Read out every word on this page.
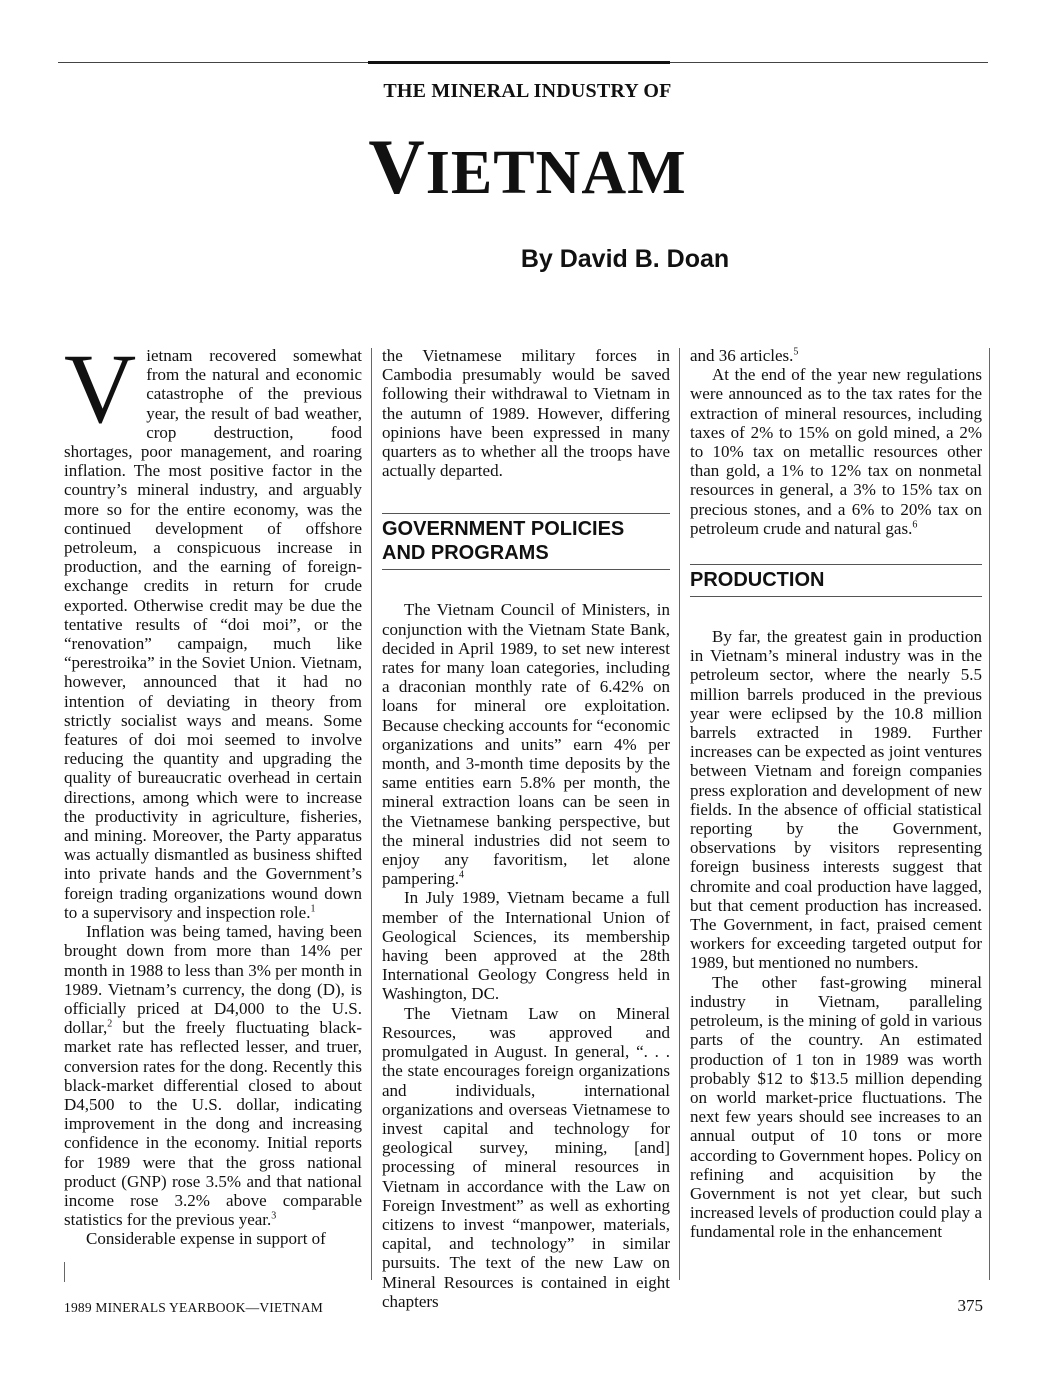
THE MINERAL INDUSTRY OF
VIETNAM
By David B. Doan

Vietnam recovered somewhat from the natural and economic catastrophe of the previous year, the result of bad weather, crop destruction, food shortages, poor management, and roaring inflation. The most positive factor in the country’s mineral industry, and arguably more so for the entire economy, was the continued development of offshore petroleum, a conspicuous increase in production, and the earning of foreign-exchange credits in return for crude exported. Otherwise credit may be due the tentative results of “doi moi”, or the “renovation” campaign, much like “perestroika” in the Soviet Union. Vietnam, however, announced that it had no intention of deviating in theory from strictly socialist ways and means. Some features of doi moi seemed to involve reducing the quantity and upgrading the quality of bureaucratic overhead in certain directions, among which were to increase the productivity in agriculture, fisheries, and mining. Moreover, the Party apparatus was actually dismantled as business shifted into private hands and the Government’s foreign trading organizations wound down to a supervisory and inspection role.$^1$

Inflation was being tamed, having been brought down from more than 14% per month in 1988 to less than 3% per month in 1989. Vietnam’s currency, the dong (D), is officially priced at D4,000 to the U.S. dollar,$^2$ but the freely fluctuating black-market rate has reflected lesser, and truer, conversion rates for the dong. Recently this black-market differential closed to about D4,500 to the U.S. dollar, indicating improvement in the dong and increasing confidence in the economy. Initial reports for 1989 were that the gross national product (GNP) rose 3.5% and that national income rose 3.2% above comparable statistics for the previous year.$^3$

Considerable expense in support of

the Vietnamese military forces in Cambodia presumably would be saved following their withdrawal to Vietnam in the autumn of 1989. However, differing opinions have been expressed in many quarters as to whether all the troops have actually departed.

GOVERNMENT POLICIES AND PROGRAMS

The Vietnam Council of Ministers, in conjunction with the Vietnam State Bank, decided in April 1989, to set new interest rates for many loan categories, including a draconian monthly rate of 6.42% on loans for mineral ore exploitation. Because checking accounts for “economic organizations and units” earn 4% per month, and 3-month time deposits by the same entities earn 5.8% per month, the mineral extraction loans can be seen in the Vietnamese banking perspective, but the mineral industries did not seem to enjoy any favoritism, let alone pampering.$^4$

In July 1989, Vietnam became a full member of the International Union of Geological Sciences, its membership having been approved at the 28th International Geology Congress held in Washington, DC.

The Vietnam Law on Mineral Resources, was approved and promulgated in August. In general, “. . . the state encourages foreign organizations and individuals, international organizations and overseas Vietnamese to invest capital and technology for geological survey, mining, [and] processing of mineral resources in Vietnam in accordance with the Law on Foreign Investment” as well as exhorting citizens to invest “manpower, materials, capital, and technology” in similar pursuits. The text of the new Law on Mineral Resources is contained in eight chapters

and 36 articles.$^5$

At the end of the year new regulations were announced as to the tax rates for the extraction of mineral resources, including taxes of 2% to 15% on gold mined, a 2% to 10% tax on metallic resources other than gold, a 1% to 12% tax on nonmetal resources in general, a 3% to 15% tax on precious stones, and a 6% to 20% tax on petroleum crude and natural gas.$^6$

PRODUCTION

By far, the greatest gain in production in Vietnam’s mineral industry was in the petroleum sector, where the nearly 5.5 million barrels produced in the previous year were eclipsed by the 10.8 million barrels extracted in 1989. Further increases can be expected as joint ventures between Vietnam and foreign companies press exploration and development of new fields. In the absence of official statistical reporting by the Government, observations by visitors representing foreign business interests suggest that chromite and coal production have lagged, but that cement production has increased. The Government, in fact, praised cement workers for exceeding targeted output for 1989, but mentioned no numbers.

The other fast-growing mineral industry in Vietnam, paralleling petroleum, is the mining of gold in various parts of the country. An estimated production of 1 ton in 1989 was worth probably $12 to $13.5 million depending on world market-price fluctuations. The next few years should see increases to an annual output of 10 tons or more according to Government hopes. Policy on refining and acquisition by the Government is not yet clear, but such increased levels of production could play a fundamental role in the enhancement

1989 MINERALS YEARBOOK—VIETNAM	375
